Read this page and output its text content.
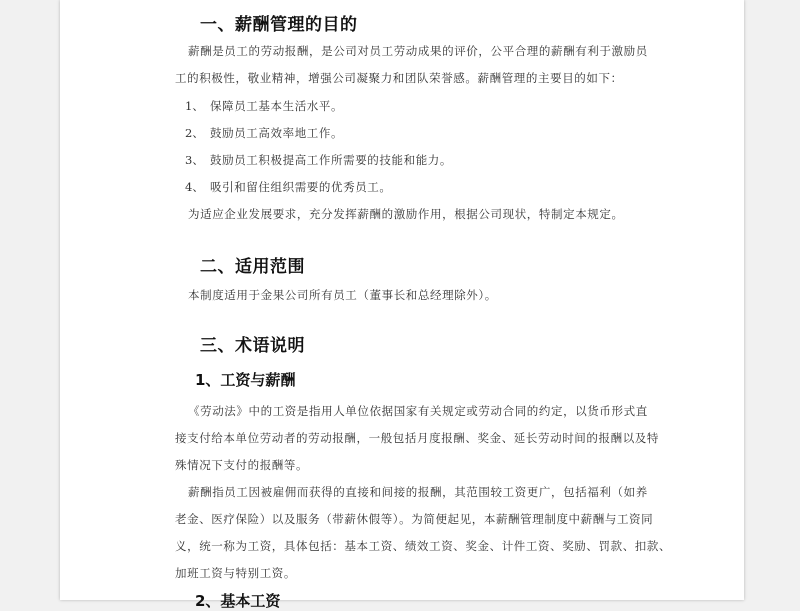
一、薪酬管理的目的
薪酬是员工的劳动报酬，是公司对员工劳动成果的评价，公平合理的薪酬有利于激励员
工的积极性，敬业精神，增强公司凝聚力和团队荣誉感。薪酬管理的主要目的如下：
1、 保障员工基本生活水平。
2、 鼓励员工高效率地工作。
3、 鼓励员工积极提高工作所需要的技能和能力。
4、 吸引和留住组织需要的优秀员工。
为适应企业发展要求，充分发挥薪酬的激励作用，根据公司现状，特制定本规定。
二、适用范围
本制度适用于金果公司所有员工（董事长和总经理除外）。
三、术语说明
1、工资与薪酬
《劳动法》中的工资是指用人单位依据国家有关规定或劳动合同的约定，以货币形式直
接支付给本单位劳动者的劳动报酬，一般包括月度报酬、奖金、延长劳动时间的报酬以及特
殊情况下支付的报酬等。
薪酬指员工因被雇佣而获得的直接和间接的报酬，其范围较工资更广，包括福利（如养
老金、医疗保险）以及服务（带薪休假等）。为简便起见，本薪酬管理制度中薪酬与工资同
义，统一称为工资，具体包括：基本工资、绩效工资、奖金、计件工资、奖励、罚款、扣款、
加班工资与特别工资。
2、基本工资
